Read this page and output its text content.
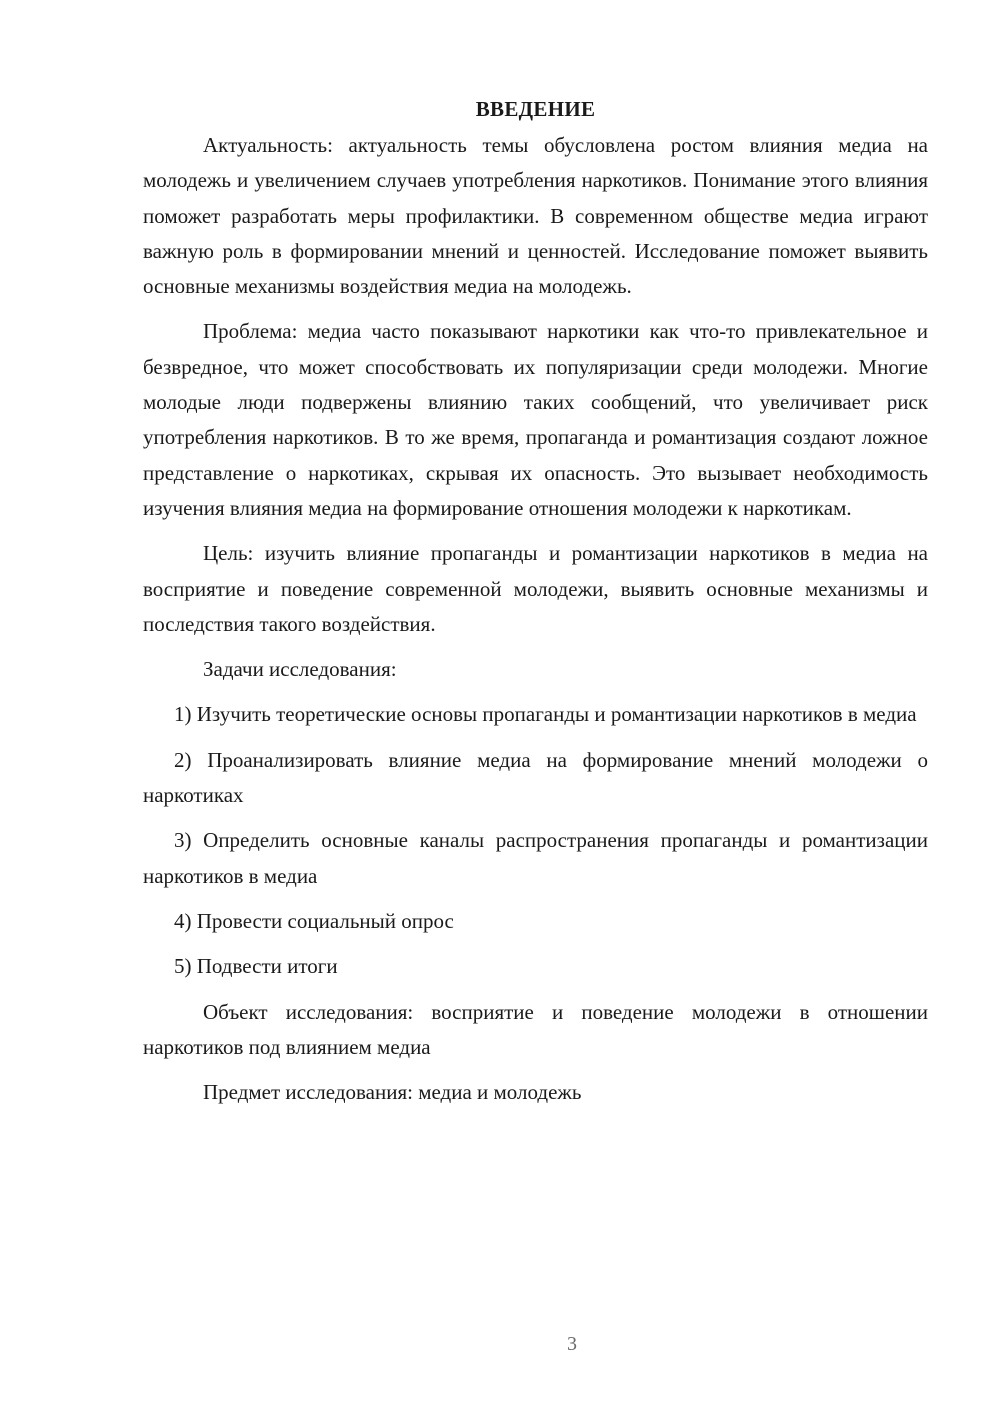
ВВЕДЕНИЕ

Актуальность: актуальность темы обусловлена ростом влияния медиа на молодежь и увеличением случаев употребления наркотиков. Понимание этого влияния поможет разработать меры профилактики. В современном обществе медиа играют важную роль в формировании мнений и ценностей. Исследование поможет выявить основные механизмы воздействия медиа на молодежь.

Проблема: медиа часто показывают наркотики как что-то привлекательное и безвредное, что может способствовать их популяризации среди молодежи. Многие молодые люди подвержены влиянию таких сообщений, что увеличивает риск употребления наркотиков. В то же время, пропаганда и романтизация создают ложное представление о наркотиках, скрывая их опасность. Это вызывает необходимость изучения влияния медиа на формирование отношения молодежи к наркотикам.

Цель: изучить влияние пропаганды и романтизации наркотиков в медиа на восприятие и поведение современной молодежи, выявить основные механизмы и последствия такого воздействия.

Задачи исследования:

1) Изучить теоретические основы пропаганды и романтизации наркотиков в медиа

2) Проанализировать влияние медиа на формирование мнений молодежи о наркотиках

3) Определить основные каналы распространения пропаганды и романтизации наркотиков в медиа

4) Провести социальный опрос

5) Подвести итоги

Объект исследования: восприятие и поведение молодежи в отношении наркотиков под влиянием медиа

Предмет исследования: медиа и молодежь

3
